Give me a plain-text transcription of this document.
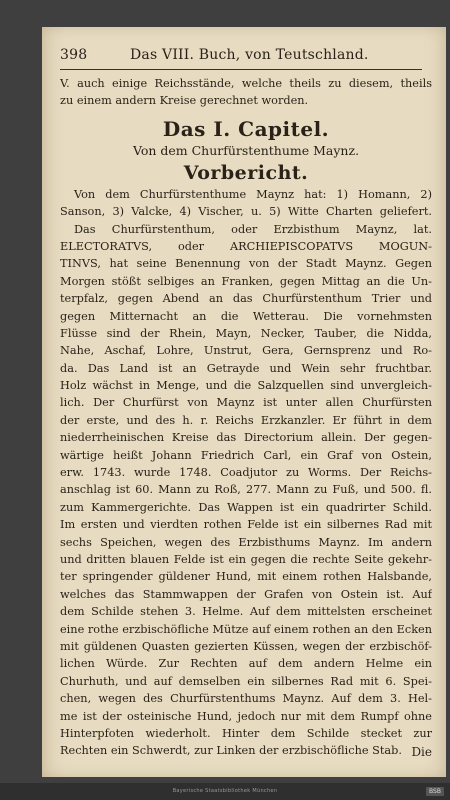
398	Das VIII. Buch, von Teutschland.
V. auch einige Reichsstände, welche theils zu diesem, theils
zu einem andern Kreise gerechnet worden.
Das I. Capitel.
Von dem Churfürstenthume Maynz.
Vorbericht.
Von dem Churfürstenthume Maynz hat: 1) Homann, 2)
Sanson, 3) Valcke, 4) Vischer, u. 5) Witte Charten geliefert.
Das Churfürstenthum, oder Erzbisthum Maynz, lat.
ELECTORATVS, oder ARCHIEPISCOPATVS MOGUN-
TINVS, hat seine Benennung von der Stadt Maynz. Gegen
Morgen stößt selbiges an Franken, gegen Mittag an die Un-
terpfalz, gegen Abend an das Churfürstenthum Trier und
gegen Mitternacht an die Wetterau. Die vornehmsten
Flüsse sind der Rhein, Mayn, Necker, Tauber, die Nidda,
Nahe, Aschaf, Lohre, Unstrut, Gera, Gernsprenz und Ro-
da. Das Land ist an Getrayde und Wein sehr fruchtbar.
Holz wächst in Menge, und die Salzquellen sind unvergleich-
lich. Der Churfürst von Maynz ist unter allen Churfürsten
der erste, und des h. r. Reichs Erzkanzler. Er führt in dem
niederrheinischen Kreise das Directorium allein. Der gegen-
wärtige heißt Johann Friedrich Carl, ein Graf von Ostein,
erw. 1743. wurde 1748. Coadjutor zu Worms. Der Reichs-
anschlag ist 60. Mann zu Roß, 277. Mann zu Fuß, und 500. fl.
zum Kammergerichte. Das Wappen ist ein quadrirter Schild.
Im ersten und vierdten rothen Felde ist ein silbernes Rad mit
sechs Speichen, wegen des Erzbisthums Maynz. Im andern
und dritten blauen Felde ist ein gegen die rechte Seite gekehr-
ter springender güldener Hund, mit einem rothen Halsbande,
welches das Stammwappen der Grafen von Ostein ist. Auf
dem Schilde stehen 3. Helme. Auf dem mittelsten erscheinet
eine rothe erzbischöfliche Mütze auf einem rothen an den Ecken
mit güldenen Quasten gezierten Küssen, wegen der erzbischöf-
lichen Würde. Zur Rechten auf dem andern Helme ein
Churhuth, und auf demselben ein silbernes Rad mit 6. Spei-
chen, wegen des Churfürstenthums Maynz. Auf dem 3. Hel-
me ist der osteinische Hund, jedoch nur mit dem Rumpf ohne
Hinterpfoten wiederholt. Hinter dem Schilde stecket zur
Rechten ein Schwerdt, zur Linken der erzbischöfliche Stab. Die
Bayerische Staatsbibliothek München	BSB
